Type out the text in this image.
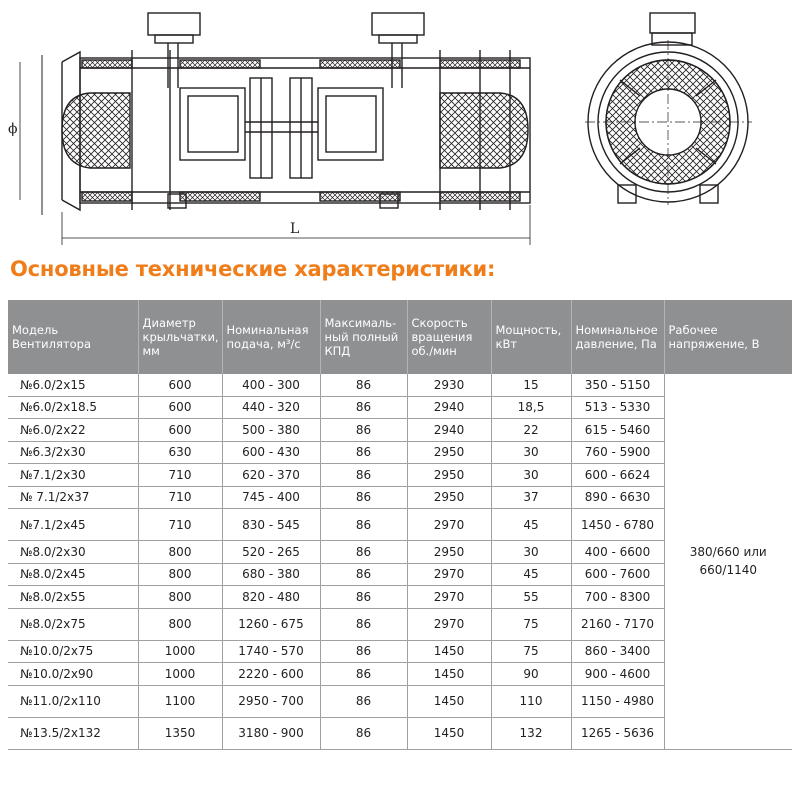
ϕ
L
Основные технические характеристики:
Модель Вентилятора	Диаметр крыльчатки, мм	Номинальная подача, м³/с	Максималь-ный полный КПД	Скорость вращения об./мин	Мощность, кВт	Номинальное давление, Па	Рабочее напряжение, В
№6.0/2х15	600	400 - 300	86	2930	15	350 - 5150	380/660 или 660/1140
№6.0/2х18.5	600	440 - 320	86	2940	18,5	513 - 5330	
№6.0/2х22	600	500 - 380	86	2940	22	615 - 5460	
№6.3/2х30	630	600 - 430	86	2950	30	760 - 5900	
№7.1/2х30	710	620 - 370	86	2950	30	600 - 6624	
№ 7.1/2х37	710	745 - 400	86	2950	37	890 - 6630	
№7.1/2х45	710	830 - 545	86	2970	45	1450 - 6780	
№8.0/2х30	800	520 - 265	86	2950	30	400 - 6600	
№8.0/2х45	800	680 - 380	86	2970	45	600 - 7600	
№8.0/2х55	800	820 - 480	86	2970	55	700 - 8300	
№8.0/2х75	800	1260 - 675	86	2970	75	2160 - 7170	
№10.0/2х75	1000	1740 - 570	86	1450	75	860 - 3400	
№10.0/2х90	1000	2220 - 600	86	1450	90	900 - 4600	
№11.0/2х110	1100	2950 - 700	86	1450	110	1150 - 4980	
№13.5/2х132	1350	3180 - 900	86	1450	132	1265 - 5636	
